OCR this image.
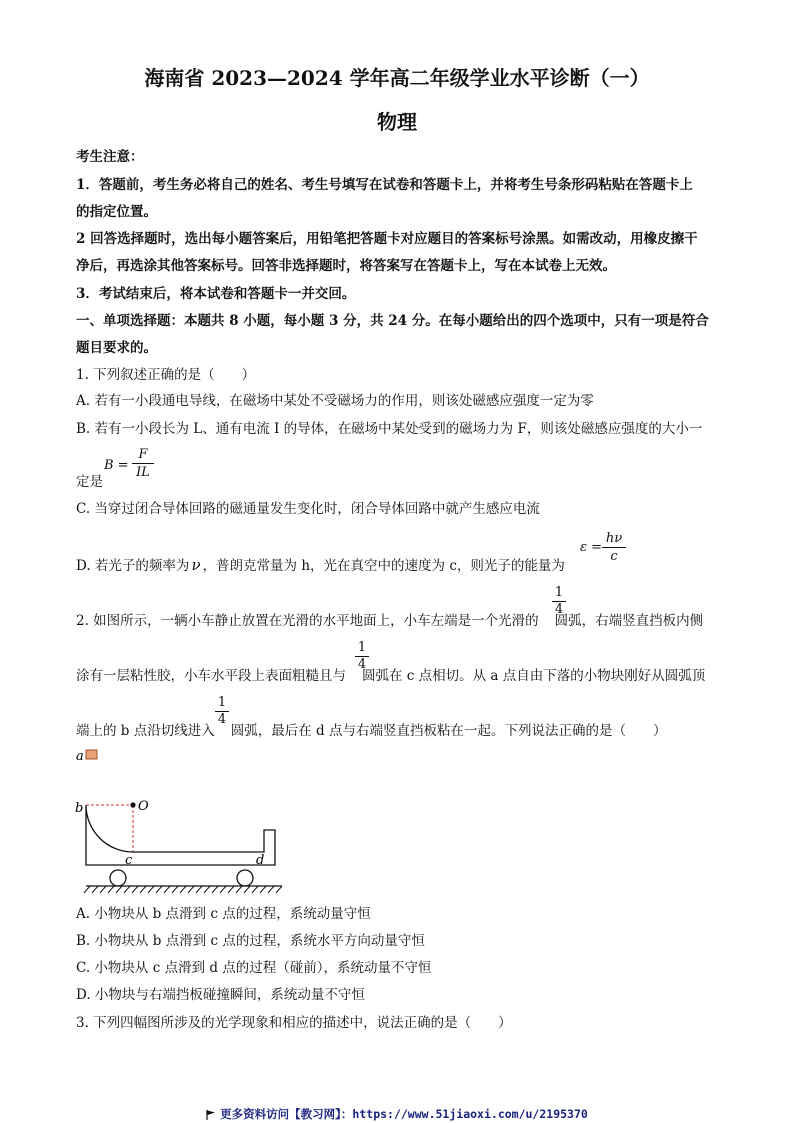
海南省 2023—2024 学年高二年级学业水平诊断（一）
物理
考生注意：
1．答题前，考生务必将自己的姓名、考生号填写在试卷和答题卡上，并将考生号条形码粘贴在答题卡上
的指定位置。
2 回答选择题时，选出每小题答案后，用铅笔把答题卡对应题目的答案标号涂黑。如需改动，用橡皮擦干
净后，再选涂其他答案标号。回答非选择题时，将答案写在答题卡上，写在本试卷上无效。
3．考试结束后，将本试卷和答题卡一并交回。
一、单项选择题：本题共 8 小题，每小题 3 分，共 24 分。在每小题给出的四个选项中，只有一项是符合
题目要求的。
1. 下列叙述正确的是（　　）
A. 若有一小段通电导线，在磁场中某处不受磁场力的作用，则该处磁感应强度一定为零
B. 若有一小段长为 L、通有电流 I 的导体，在磁场中某处受到的磁场力为 F，则该处磁感应强度的大小一
定是
$B = \frac{F}{IL}$
C. 当穿过闭合导体回路的磁通量发生变化时，闭合导体回路中就产生感应电流
D. 若光子的频率为 ν ，普朗克常量为 h，光在真空中的速度为 c，则光子的能量为
$\varepsilon = \frac{h\nu}{c}$
2. 如图所示，一辆小车静止放置在光滑的水平地面上，小车左端是一个光滑的 圆弧，右端竖直挡板内侧
$\frac{1}{4}$
涂有一层粘性胶，小车水平段上表面粗糙且与 圆弧在 c 点相切。从 a 点自由下落的小物块刚好从圆弧顶
$\frac{1}{4}$
端上的 b 点沿切线进入 圆弧，最后在 d 点与右端竖直挡板粘在一起。下列说法正确的是（　　）
$\frac{1}{4}$
a
b	O
c	d
A. 小物块从 b 点滑到 c 点的过程，系统动量守恒
B. 小物块从 b 点滑到 c 点的过程，系统水平方向动量守恒
C. 小物块从 c 点滑到 d 点的过程（碰前），系统动量不守恒
D. 小物块与右端挡板碰撞瞬间，系统动量不守恒
3. 下列四幅图所涉及的光学现象和相应的描述中，说法正确的是（　　）
更多资料访问【教习网】：https://www.51jiaoxi.com/u/2195370
